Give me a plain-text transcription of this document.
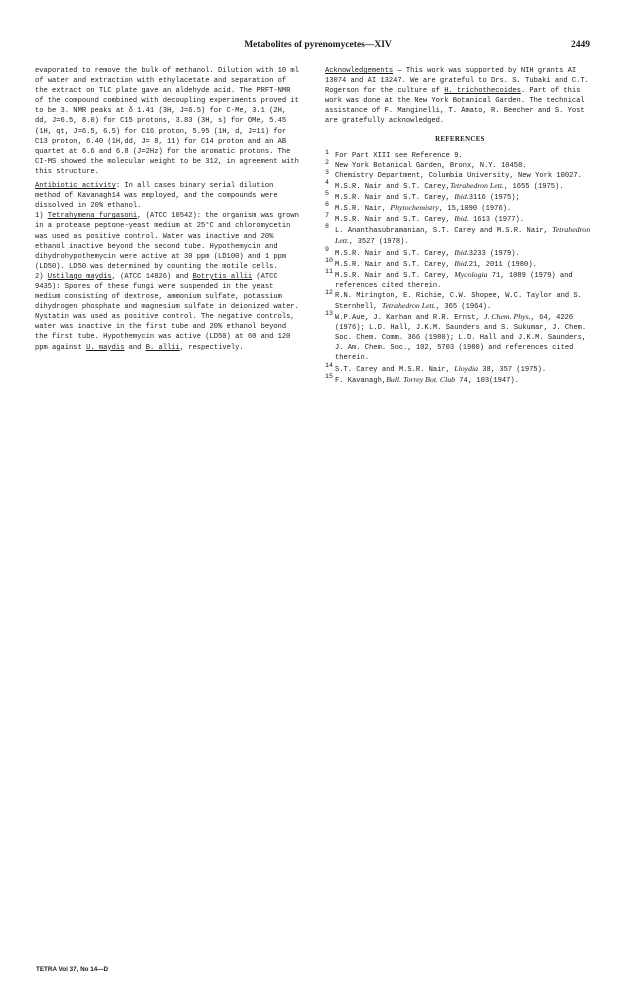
Metabolites of pyrenomycetes—XIV	2449

evaporated to remove the bulk of methanol. Dilution with 10 ml of water and extraction with ethylacetate and separation of the extract on TLC plate gave an aldehyde acid. The PRFT-NMR of the compound combined with decoupling experiments proved it to be 3. NMR peaks at δ 1.41 (3H, J=6.5) for C-Me, 3.1 (2H, dd, J=6.5, 8.0) for C15 protons, 3.83 (3H, s) for OMe, 5.45 (1H, qt, J=6.5, 6.5) for C16 proton, 5.95 (1H, d, J=11) for C13 proton, 6.40 (1H,dd, J= 8, 11) for C14 proton and an AB quartet at 6.6 and 6.8 (J=2Hz) for the aromatic protons. The CI-MS showed the molecular weight to be 312, in agreement with this structure.

Antibiotic activity: In all cases binary serial dilution method of Kavanagh14 was employed, and the compounds were dissolved in 20% ethanol.

1) Tetrahymena furgasoni, (ATCC 10542): the organism was grown in a protease peptone-yeast medium at 25°C and chloromycetin was used as positive control. Water was inactive and 20% ethanol inactive beyond the second tube. Hypothemycin and dihydrohypothemycin were active at 30 ppm (LD100) and 1 ppm (LD50). LD50 was determined by counting the motile cells.

2) Ustilago maydis, (ATCC 14826) and Botrytis allii (ATCC 9435): Spores of these fungi were suspended in the yeast medium consisting of dextrose, ammonium sulfate, potassium dihydrogen phosphate and magnesium sulfate in deionized water. Nystatin was used as positive control. The negative controls, water was inactive in the first tube and 20% ethanol beyond the first tube. Hypothemycin was active (LD50) at 60 and 120 ppm against U. maydis and B. allii, respectively.

Acknowledgements — This work was supported by NIH grants AI 13074 and AI 13247. We are grateful to Drs. S. Tubaki and C.T. Rogerson for the culture of H. trichothecoides. Part of this work was done at the New York Botanical Garden. The technical assistance of F. Manginelli, T. Amato, R. Beecher and S. Yost are gratefully acknowledged.

REFERENCES

1 For Part XIII see Reference 9.

2 New York Botanical Garden, Bronx, N.Y. 10458.

3 Chemistry Department, Columbia University, New York 10027.

4
M.S.R. Nair and S.T. Carey,Tetrahedron Lett., 1655 (1975).

5
M.S.R. Nair and S.T. Carey, Ibid.3116 (1975);

6
M.S.R. Nair, Phytochemistry, 15,1090 (1976).

7
M.S.R. Nair and S.T. Carey, Ibid. 1613 (1977).

8
L. Ananthasubramanian, S.T. Carey and M.S.R. Nair, Tetrahedron Lett., 3527 (1978).

9
M.S.R. Nair and S.T. Carey, Ibid.3233 (1979).

10
M.S.R. Nair and S.T. Carey, Ibid.21, 2011 (1980).

11
M.S.R. Nair and S.T. Carey, Mycologia 71, 1089 (1979) and references cited therein.

12 R.N. Mirington, E. Richie, C.W. Shopee, W.C. Taylor and S. Sternhell, Tetrahedron Lett., 365 (1964).

13
W.P.Aue, J. Karhan and R.R. Ernst, J. Chem. Phys., 64, 4226 (1976); L.D. Hall, J.K.M. Saunders and S. Sukumar, J. Chem. Soc. Chem. Comm. 366 (1980); L.D. Hall and J.K.M. Saunders, J. Am. Chem. Soc., 102, 5703 (1980) and references cited therein.

14
S.T. Carey and M.S.R. Nair, Lloydia 38, 357 (1975).

15
F. Kavanagh,Bull. Torrey Bot. Club 74, 103(1947).

TETRA Vol 37, No 14—D
